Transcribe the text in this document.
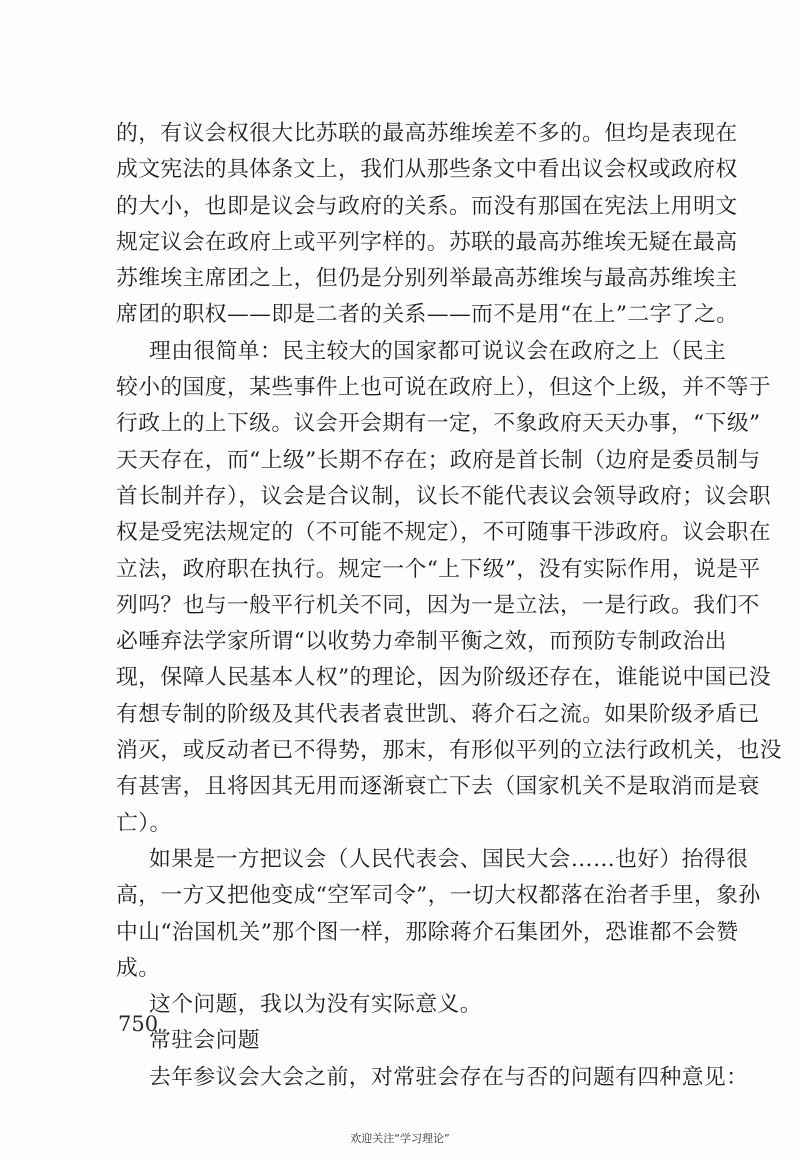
的，有议会权很大比苏联的最高苏维埃差不多的。但均是表现在
成文宪法的具体条文上，我们从那些条文中看出议会权或政府权
的大小，也即是议会与政府的关系。而没有那国在宪法上用明文
规定议会在政府上或平列字样的。苏联的最高苏维埃无疑在最高
苏维埃主席团之上，但仍是分别列举最高苏维埃与最高苏维埃主
席团的职权——即是二者的关系——而不是用“在上”二字了之。
理由很简单：民主较大的国家都可说议会在政府之上（民主
较小的国度，某些事件上也可说在政府上），但这个上级，并不等于
行政上的上下级。议会开会期有一定，不象政府天天办事，“下级”
天天存在，而“上级”长期不存在；政府是首长制（边府是委员制与
首长制并存），议会是合议制，议长不能代表议会领导政府；议会职
权是受宪法规定的（不可能不规定），不可随事干涉政府。议会职在
立法，政府职在执行。规定一个“上下级”，没有实际作用，说是平
列吗？也与一般平行机关不同，因为一是立法，一是行政。我们不
必唾弃法学家所谓“以收势力牵制平衡之效，而预防专制政治出
现，保障人民基本人权”的理论，因为阶级还存在，谁能说中国已没
有想专制的阶级及其代表者袁世凯、蒋介石之流。如果阶级矛盾已
消灭，或反动者已不得势，那末，有形似平列的立法行政机关，也没
有甚害，且将因其无用而逐渐衰亡下去（国家机关不是取消而是衰
亡）。
如果是一方把议会（人民代表会、国民大会……也好）抬得很
高，一方又把他变成“空军司令”，一切大权都落在治者手里，象孙
中山“治国机关”那个图一样，那除蒋介石集团外，恐谁都不会赞
成。
这个问题，我以为没有实际意义。
常驻会问题
去年参议会大会之前，对常驻会存在与否的问题有四种意见：
750
欢迎关注“学习理论”
